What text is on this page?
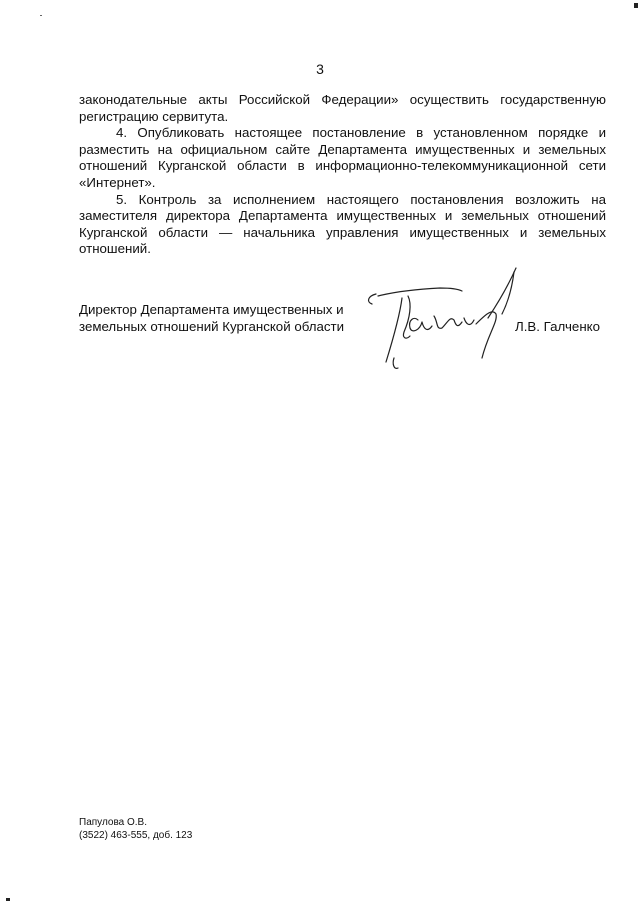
3

законодательные акты Российской Федерации» осуществить государственную регистрацию сервитута.

4. Опубликовать настоящее постановление в установленном порядке и разместить на официальном сайте Департамента имущественных и земельных отношений Курганской области в информационно-телекоммуникационной сети «Интернет».

5. Контроль за исполнением настоящего постановления возложить на заместителя директора Департамента имущественных и земельных отношений Курганской области — начальника управления имущественных и земельных отношений.

Директор Департамента имущественных и
земельных отношений Курганской области	Л.В. Галченко
Папулова О.В.
(3522) 463-555, доб. 123
